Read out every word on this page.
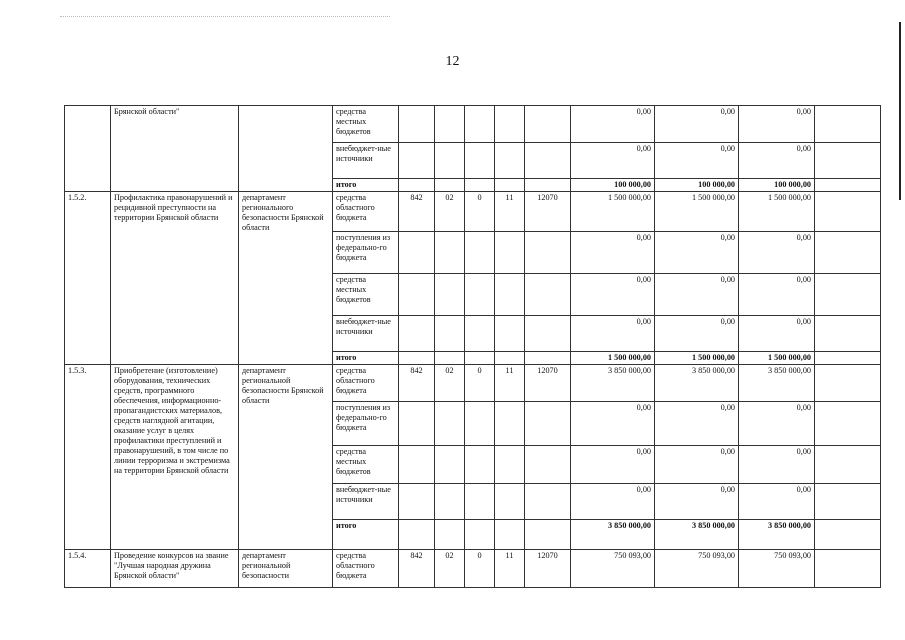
12
	Брянской области"		средства местных бюджетов						0,00	0,00	0,00	
			внебюджет-ные источники						0,00	0,00	0,00	
			итого						100 000,00	100 000,00	100 000,00	
1.5.2.	Профилактика правонарушений и рецидивной преступности на территории Брянской области	департамент регионального безопасности Брянской области	средства областного бюджета	842	02	0	11	12070	1 500 000,00	1 500 000,00	1 500 000,00	
			поступления из федерально-го бюджета						0,00	0,00	0,00	
			средства местных бюджетов						0,00	0,00	0,00	
			внебюджет-ные источники						0,00	0,00	0,00	
			итого						1 500 000,00	1 500 000,00	1 500 000,00	
1.5.3.	Приобретение (изготовление) оборудования, технических средств, программного обеспечения, информационно-пропагандистских материалов, средств наглядной агитации, оказание услуг в целях профилактики преступлений и правонарушений, в том числе по линии терроризма и экстремизма на территории Брянской области	департамент региональной безопасности Брянской области	средства областного бюджета	842	02	0	11	12070	3 850 000,00	3 850 000,00	3 850 000,00	
			поступления из федерально-го бюджета						0,00	0,00	0,00	
			средства местных бюджетов						0,00	0,00	0,00	
			внебюджет-ные источники						0,00	0,00	0,00	
			итого						3 850 000,00	3 850 000,00	3 850 000,00	
1.5.4.	Проведение конкурсов на звание "Лучшая народная дружина Брянской области"	департамент региональной безопасности	средства областного бюджета	842	02	0	11	12070	750 093,00	750 093,00	750 093,00	
